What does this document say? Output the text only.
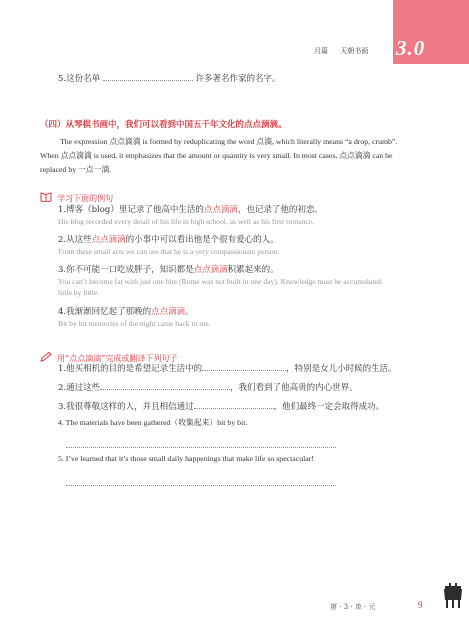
3.0
月篇 天朝书画
5.这份名单	许多著名作家的名字。
（四）从琴棋书画中，我们可以看到中国五千年文化的点点滴滴。
The expression 点点滴滴 is formed by reduplicating the word 点滴, which literally means “a drop, crumb”.
When 点点滴滴 is used, it emphasizes that the amount or quantity is very small. In most cases, 点点滴滴 can be
replaced by 一点一滴.
学习下面的例句
1.博客（blog）里记录了他高中生活的点点滴滴，也记录了他的初恋。
His blog recorded every detail of his life in high school, as well as his first romance.
2.从这些点点滴滴的小事中可以看出他是个很有爱心的人。
From these small acts we can see that he is a very compassionate person.
3.你不可能一口吃成胖子，知识都是点点滴滴积累起来的。
You can’t become fat with just one bite (Rome was not built in one day). Knowledge must be accumulated
little by little.
4.我渐渐回忆起了那晚的点点滴滴。
Bit by bit memories of the night came back to me.
用“点点滴滴”完成或翻译下列句子
1.他买相机的目的是希望记录生活中的	，特别是女儿小时候的生活。
2.通过这些	，我们看到了他高贵的内心世界。
3.我很尊敬这样的人，并且相信通过	，他们最终一定会取得成功。
4. The materials have been gathered（收集起来）bit by bit.
5. I’ve learned that it’s those small daily happenings that make life so spectacular!
第 · 3 · 单 · 元	9
